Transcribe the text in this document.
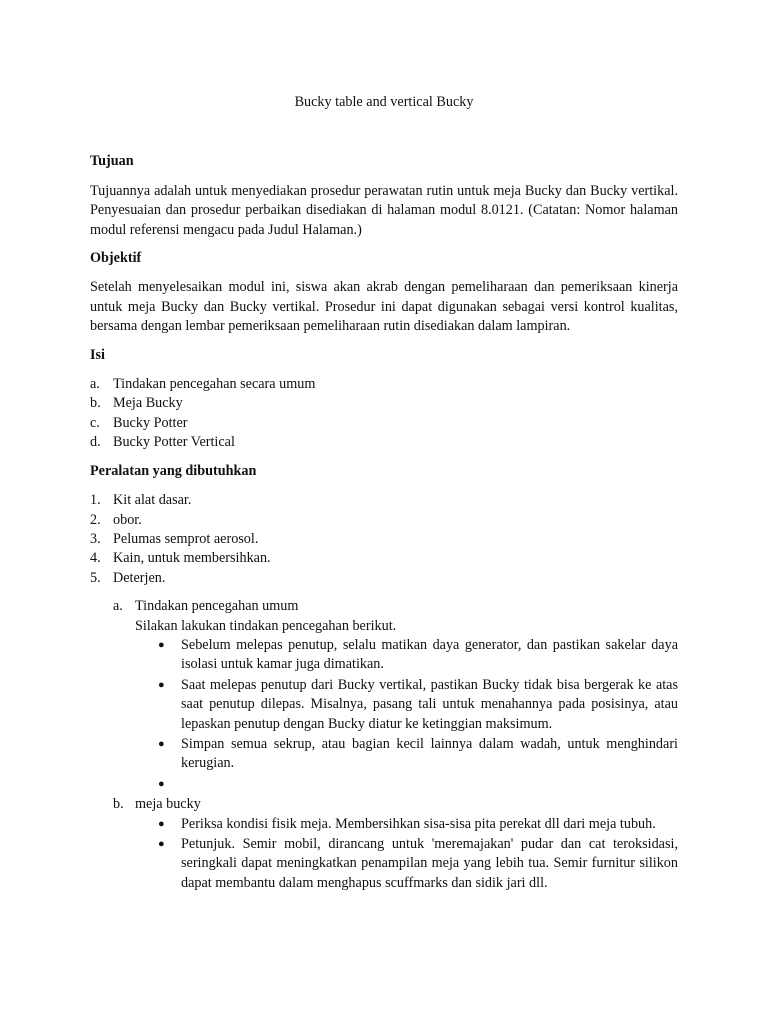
Bucky table and vertical Bucky
Tujuan

Tujuannya adalah untuk menyediakan prosedur perawatan rutin untuk meja Bucky dan Bucky vertikal. Penyesuaian dan prosedur perbaikan disediakan di halaman modul 8.0121. (Catatan: Nomor halaman modul referensi mengacu pada Judul Halaman.)

Objektif

Setelah menyelesaikan modul ini, siswa akan akrab dengan pemeliharaan dan pemeriksaan kinerja untuk meja Bucky dan Bucky vertikal. Prosedur ini dapat digunakan sebagai versi kontrol kualitas, bersama dengan lembar pemeriksaan pemeliharaan rutin disediakan dalam lampiran.

Isi
a. Tindakan pencegahan secara umum
b. Meja Bucky
c. Bucky Potter
d. Bucky Potter Vertical
Peralatan yang dibutuhkan
1. Kit alat dasar.
2. obor.
3. Pelumas semprot aerosol.
4. Kain, untuk membersihkan.
5. Deterjen.
a. Tindakan pencegahan umum
Silakan lakukan tindakan pencegahan berikut.
●	Sebelum melepas penutup, selalu matikan daya generator, dan pastikan sakelar daya isolasi untuk kamar juga dimatikan.
●	Saat melepas penutup dari Bucky vertikal, pastikan Bucky tidak bisa bergerak ke atas saat penutup dilepas. Misalnya, pasang tali untuk menahannya pada posisinya, atau lepaskan penutup dengan Bucky diatur ke ketinggian maksimum.
●	Simpan semua sekrup, atau bagian kecil lainnya dalam wadah, untuk menghindari kerugian.
●
b. meja bucky
●	Periksa kondisi fisik meja. Membersihkan sisa-sisa pita perekat dll dari meja tubuh.
●	Petunjuk. Semir mobil, dirancang untuk 'meremajakan' pudar dan cat teroksidasi, seringkali dapat meningkatkan penampilan meja yang lebih tua. Semir furnitur silikon dapat membantu dalam menghapus scuffmarks dan sidik jari dll.
